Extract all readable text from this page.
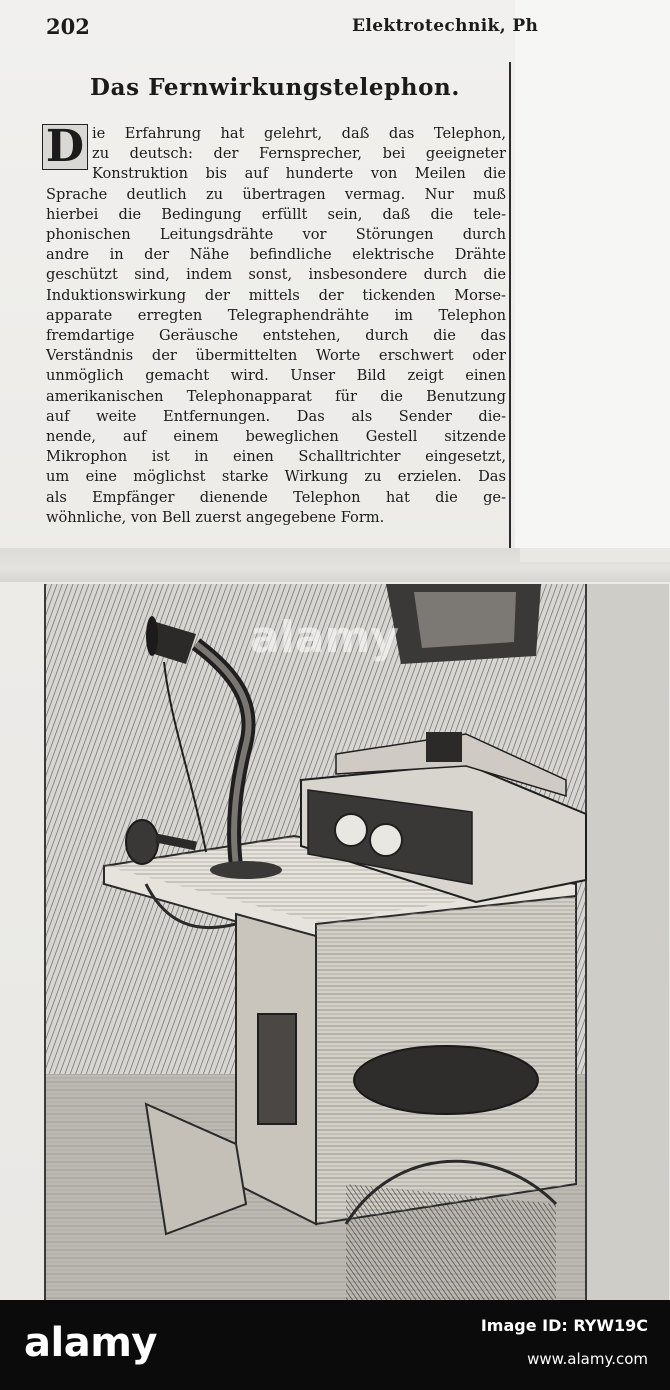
202	Elektrotechnik, Ph
Das Fernwirkungstelephon.
D ie Erfahrung hat gelehrt, daß das Telephon,

zu deutsch: der Fernsprecher, bei geeigneter

Konstruktion bis auf hunderte von Meilen die

Sprache deutlich zu übertragen vermag. Nur muß

hierbei die Bedingung erfüllt sein, daß die tele-

phonischen Leitungsdrähte vor Störungen durch

andre in der Nähe befindliche elektrische Drähte

geschützt sind, indem sonst, insbesondere durch die

Induktionswirkung der mittels der tickenden Morse-

apparate erregten Telegraphendrähte im Telephon

fremdartige Geräusche entstehen, durch die das

Verständnis der übermittelten Worte erschwert oder

unmöglich gemacht wird. Unser Bild zeigt einen

amerikanischen Telephonapparat für die Benutzung

auf weite Entfernungen. Das als Sender die-

nende, auf einem beweglichen Gestell sitzende

Mikrophon ist in einen Schalltrichter eingesetzt,

um eine möglichst starke Wirkung zu erzielen. Das

als Empfänger dienende Telephon hat die ge-

wöhnliche, von Bell zuerst angegebene Form.

alamy
alamy	Image ID: RYW19C
www.alamy.com
